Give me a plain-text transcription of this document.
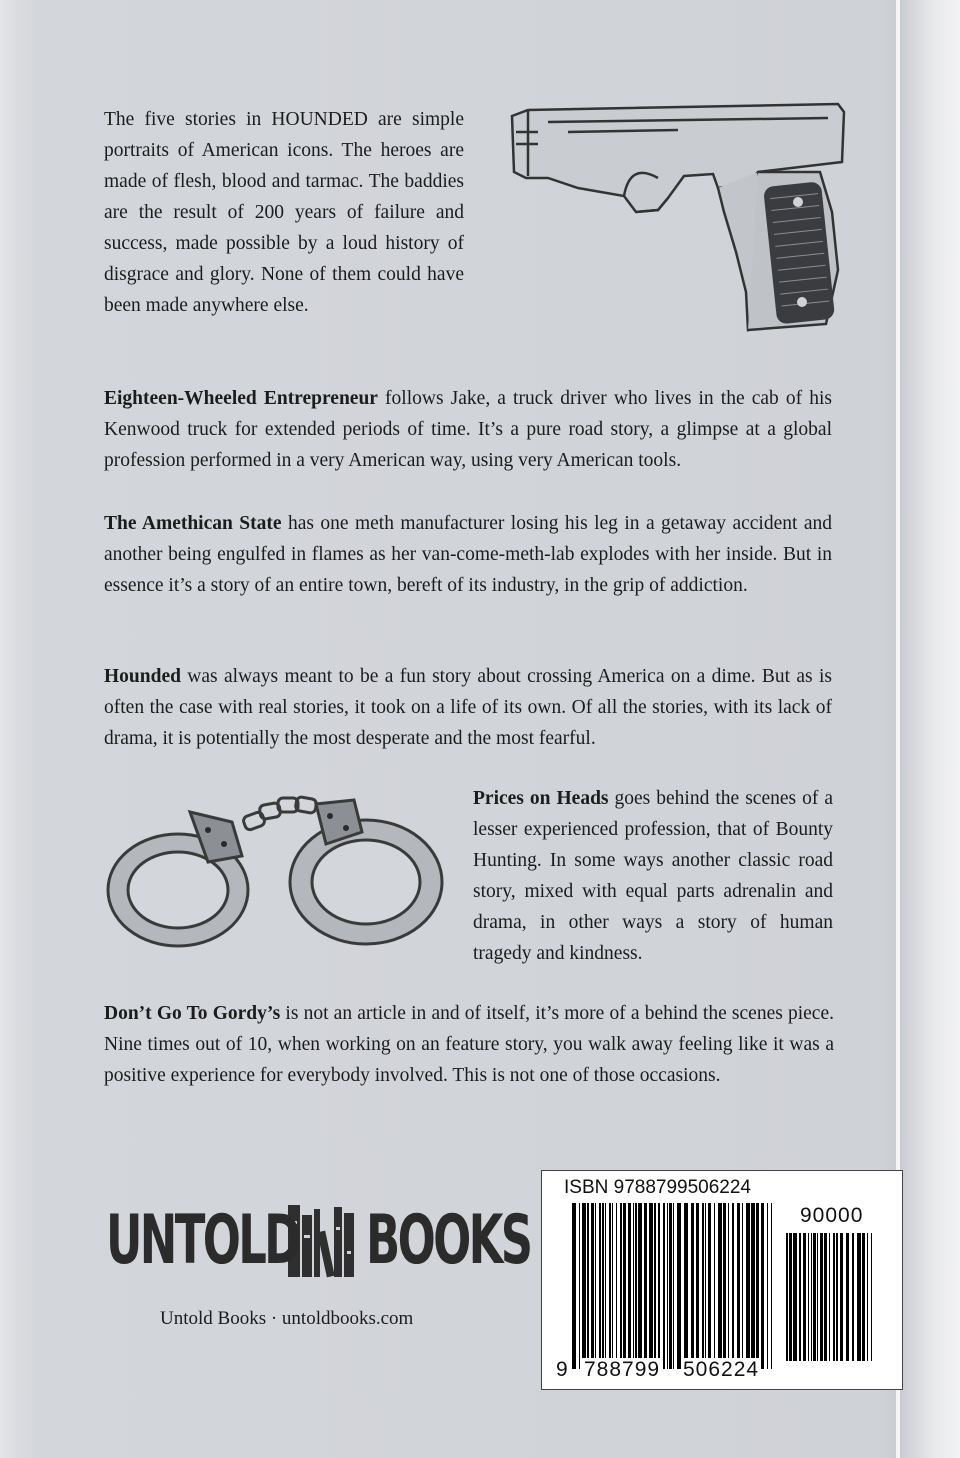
The five stories in HOUNDED are simple portraits of American icons. The heroes are made of flesh, blood and tarmac. The baddies are the result of 200 years of failure and success, made possible by a loud history of disgrace and glory. None of them could have been made anywhere else.

Eighteen-Wheeled Entrepreneur follows Jake, a truck driver who lives in the cab of his Kenwood truck for extended periods of time. It’s a pure road story, a glimpse at a global profession performed in a very American way, using very American tools.

The Amethican State has one meth manufacturer losing his leg in a getaway accident and another being engulfed in flames as her van-come-meth-lab explodes with her inside. But in essence it’s a story of an entire town, bereft of its industry, in the grip of addiction.

Hounded was always meant to be a fun story about crossing America on a dime. But as is often the case with real stories, it took on a life of its own. Of all the stories, with its lack of drama, it is potentially the most desperate and the most fearful.

Prices on Heads goes behind the scenes of a lesser experienced profession, that of Bounty Hunting. In some ways another classic road story, mixed with equal parts adrenalin and drama, in other ways a story of human tragedy and kindness.

Don’t Go To Gordy’s is not an article in and of itself, it’s more of a behind the scenes piece. Nine times out of 10, when working on an feature story, you walk away feeling like it was a positive experience for everybody involved. This is not one of those occasions.

UNTOLD BOOKS
Untold Books · untoldbooks.com
ISBN 9788799506224
9 788799 506224
90000
